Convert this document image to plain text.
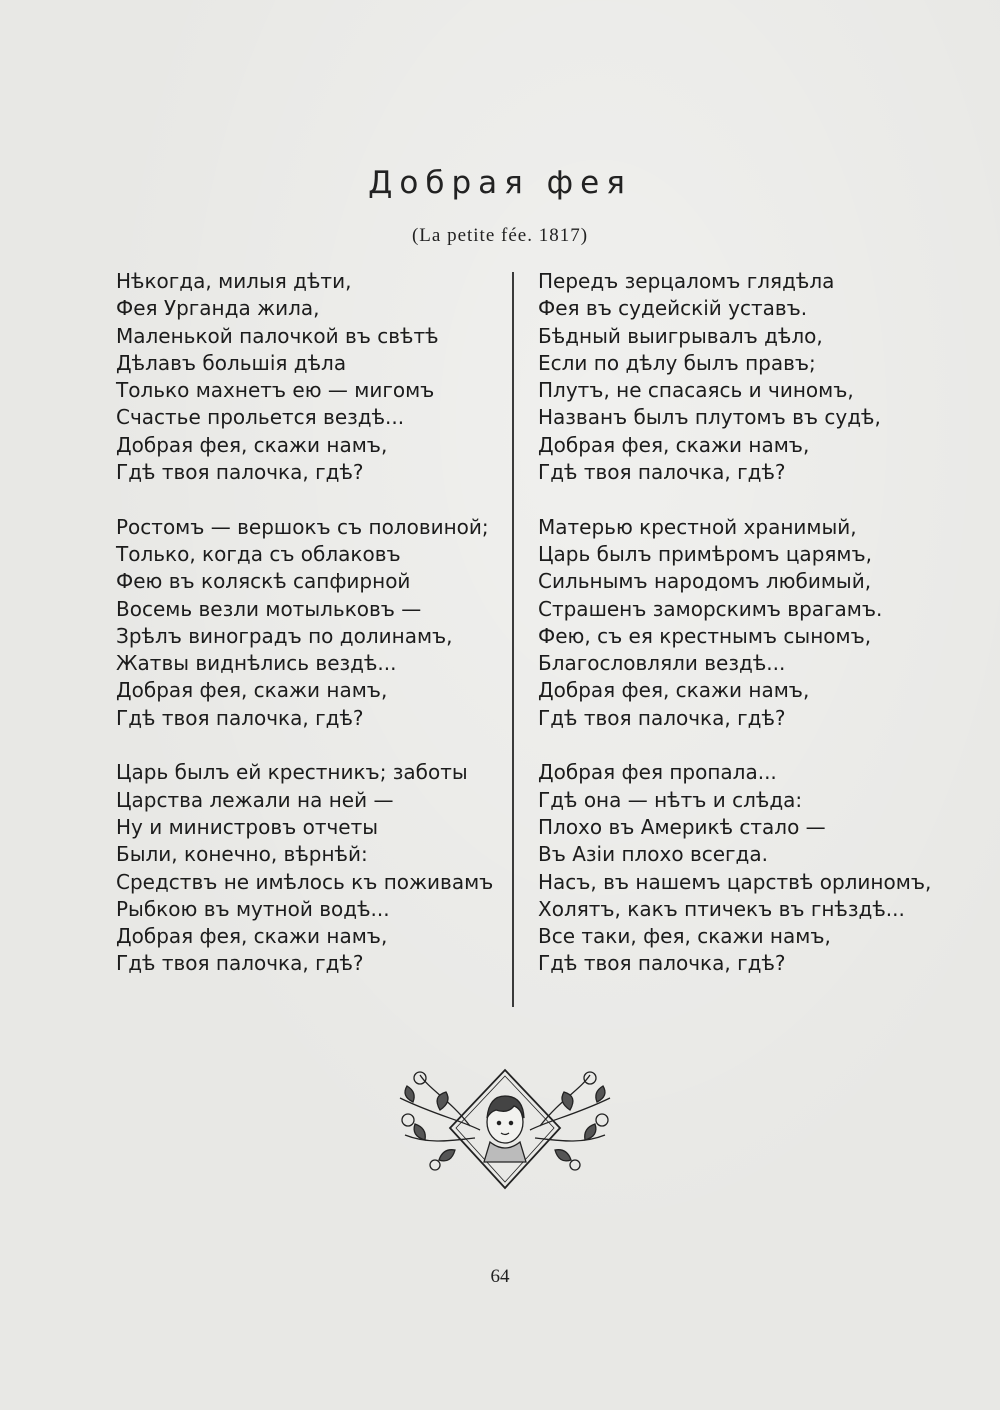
Добрая фея
(La petite fée. 1817)
Нѣкогда, милыя дѣти,
Фея Урганда жила,
Маленькой палочкой въ свѣтѣ
Дѣлавъ большія дѣла
Только махнетъ ею — мигомъ
Счастье прольется вездѣ...
Добрая фея, скажи намъ,
Гдѣ твоя палочка, гдѣ?
Ростомъ — вершокъ съ половиной;
Только, когда съ облаковъ
Фею въ коляскѣ сапфирной
Восемь везли мотыльковъ —
Зрѣлъ виноградъ по долинамъ,
Жатвы виднѣлись вездѣ...
Добрая фея, скажи намъ,
Гдѣ твоя палочка, гдѣ?
Царь былъ ей крестникъ; заботы
Царства лежали на ней —
Ну и министровъ отчеты
Были, конечно, вѣрнѣй:
Средствъ не имѣлось къ поживамъ
Рыбкою въ мутной водѣ...
Добрая фея, скажи намъ,
Гдѣ твоя палочка, гдѣ?
Передъ зерцаломъ глядѣла
Фея въ судейскій уставъ.
Бѣдный выигрывалъ дѣло,
Если по дѣлу былъ правъ;
Плутъ, не спасаясь и чиномъ,
Названъ былъ плутомъ въ судѣ,
Добрая фея, скажи намъ,
Гдѣ твоя палочка, гдѣ?
Матерью крестной хранимый,
Царь былъ примѣромъ царямъ,
Сильнымъ народомъ любимый,
Страшенъ заморскимъ врагамъ.
Фею, съ ея крестнымъ сыномъ,
Благословляли вездѣ...
Добрая фея, скажи намъ,
Гдѣ твоя палочка, гдѣ?
Добрая фея пропала...
Гдѣ она — нѣтъ и слѣда:
Плохо въ Америкѣ стало —
Въ Азіи плохо всегда.
Насъ, въ нашемъ царствѣ орлиномъ,
Холятъ, какъ птичекъ въ гнѣздѣ...
Все таки, фея, скажи намъ,
Гдѣ твоя палочка, гдѣ?
64
